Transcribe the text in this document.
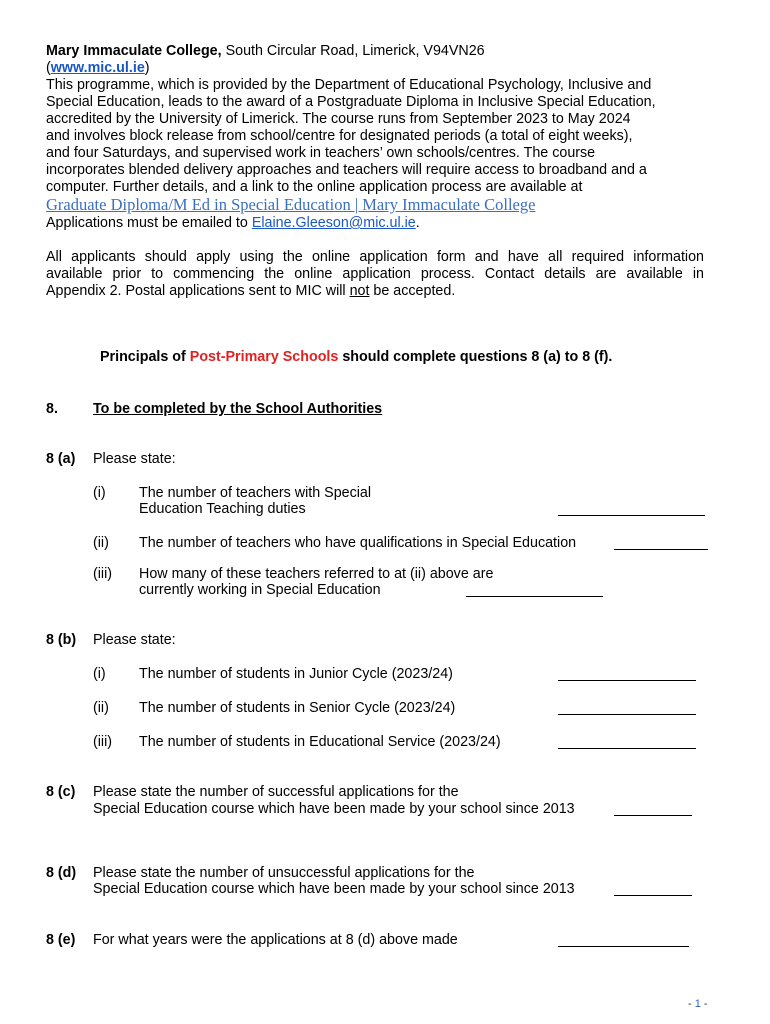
Mary Immaculate College, South Circular Road, Limerick, V94VN26
(www.mic.ul.ie)
This programme, which is provided by the Department of Educational Psychology, Inclusive and
Special Education, leads to the award of a Postgraduate Diploma in Inclusive Special Education,
accredited by the University of Limerick. The course runs from September 2023 to May 2024
and involves block release from school/centre for designated periods (a total of eight weeks),
and four Saturdays, and supervised work in teachers’ own schools/centres. The course
incorporates blended delivery approaches and teachers will require access to broadband and a
computer. Further details, and a link to the online application process are available at
Graduate Diploma/M Ed in Special Education | Mary Immaculate College
Applications must be emailed to Elaine.Gleeson@mic.ul.ie.
All applicants should apply using the online application form and have all required information
available prior to commencing the online application process. Contact details are available in
Appendix 2. Postal applications sent to MIC will not be accepted.
Principals of Post-Primary Schools should complete questions 8 (a) to 8 (f).
8. To be completed by the School Authorities
8 (a) Please state:
(i) The number of teachers with Special
Education Teaching duties
(ii) The number of teachers who have qualifications in Special Education
(iii) How many of these teachers referred to at (ii) above are
currently working in Special Education
8 (b) Please state:
(i) The number of students in Junior Cycle (2023/24)
(ii) The number of students in Senior Cycle (2023/24)
(iii) The number of students in Educational Service (2023/24)
8 (c) Please state the number of successful applications for the
Special Education course which have been made by your school since 2013
8 (d) Please state the number of unsuccessful applications for the
Special Education course which have been made by your school since 2013
8 (e) For what years were the applications at 8 (d) above made
- 1 -
